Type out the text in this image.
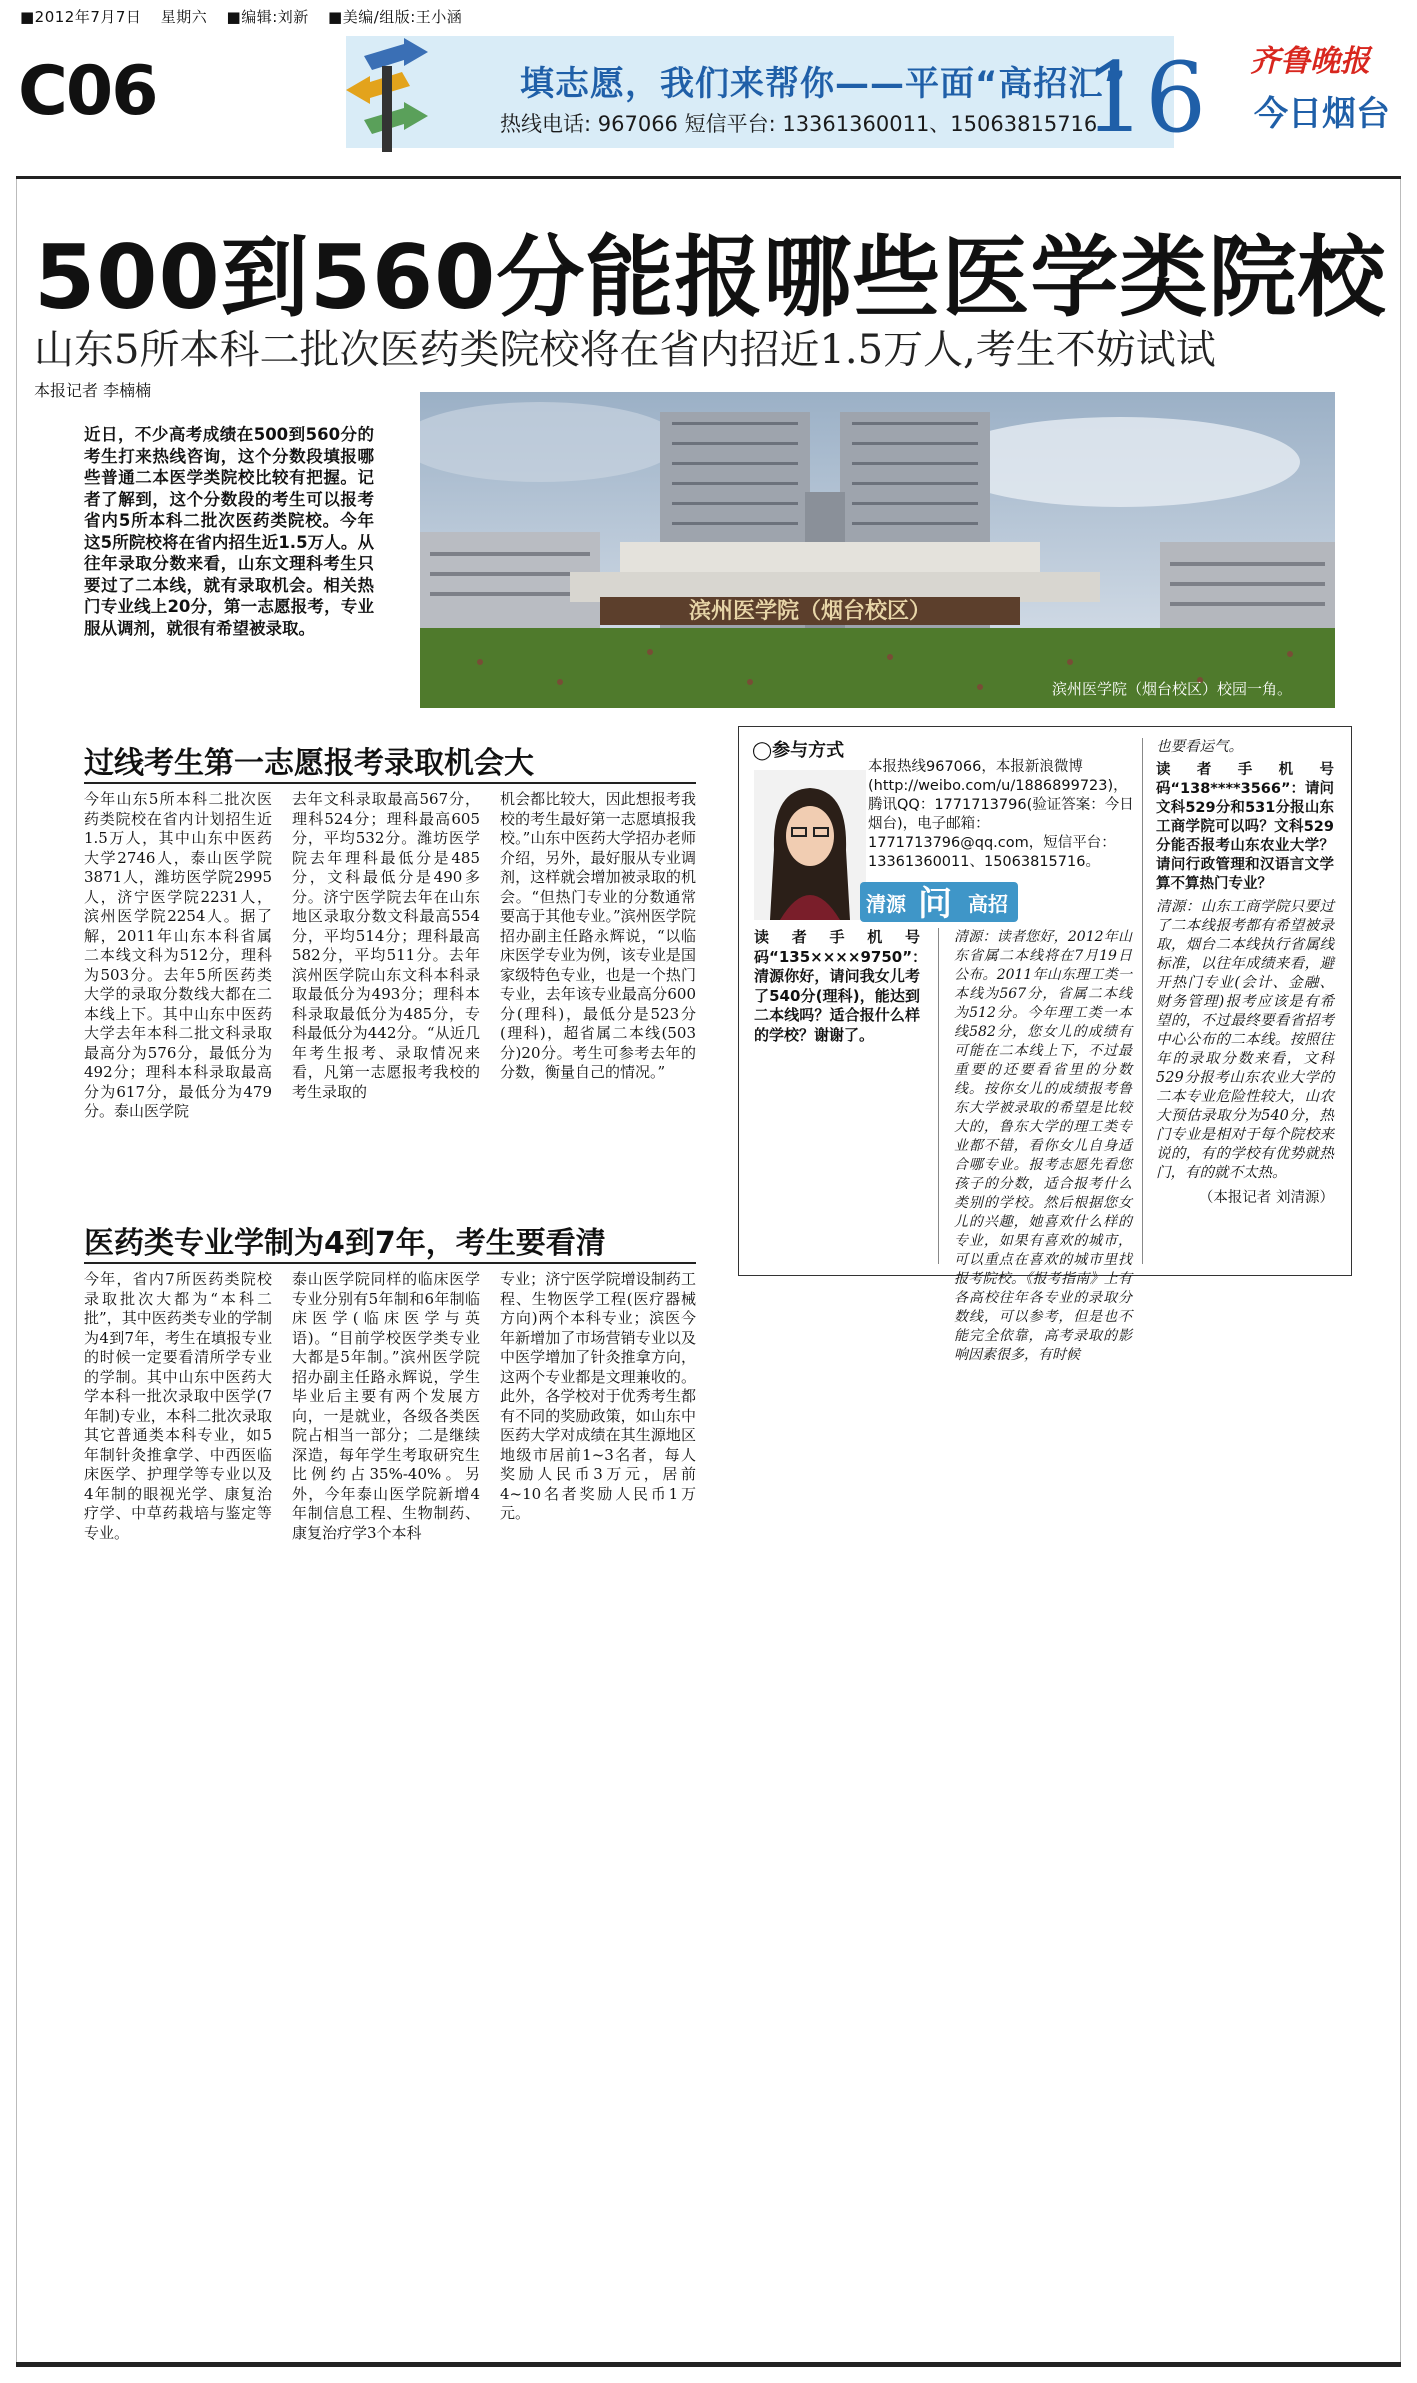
■2012年7月7日 星期六 ■编辑:刘新 ■美编/组版:王小涵
C06	填志愿，我们来帮你——平面“高招汇”
热线电话: 967066 短信平台: 13361360011、15063815716
16 齐鲁晚报
今日烟台
500到560分能报哪些医学类院校
山东5所本科二批次医药类院校将在省内招近1.5万人,考生不妨试试
本报记者 李楠楠
近日，不少高考成绩在500到560分的考生打来热线咨询，这个分数段填报哪些普通二本医学类院校比较有把握。记者了解到，这个分数段的考生可以报考省内5所本科二批次医药类院校。今年这5所院校将在省内招生近1.5万人。从往年录取分数来看，山东文理科考生只要过了二本线，就有录取机会。相关热门专业线上20分，第一志愿报考，专业服从调剂，就很有希望被录取。
滨州医学院（烟台校区）
滨州医学院（烟台校区）校园一角。
过线考生第一志愿报考录取机会大
今年山东5所本科二批次医药类院校在省内计划招生近1.5万人，其中山东中医药大学2746人，泰山医学院3871人，潍坊医学院2995人，济宁医学院2231人，滨州医学院2254人。据了解，2011年山东本科省属二本线文科为512分，理科为503分。去年5所医药类大学的录取分数线大都在二本线上下。其中山东中医药大学去年本科二批文科录取最高分为576分，最低分为492分；理科本科录取最高分为617分，最低分为479分。泰山医学院
去年文科录取最高567分，理科524分；理科最高605分，平均532分。潍坊医学院去年理科最低分是485分，文科最低分是490多分。济宁医学院去年在山东地区录取分数文科最高554分，平均514分；理科最高582分，平均511分。去年滨州医学院山东文科本科录取最低分为493分；理科本科录取最低分为485分，专科最低分为442分。“从近几年考生报考、录取情况来看，凡第一志愿报考我校的考生录取的
机会都比较大，因此想报考我校的考生最好第一志愿填报我校。”山东中医药大学招办老师介绍，另外，最好服从专业调剂，这样就会增加被录取的机会。“但热门专业的分数通常要高于其他专业。”滨州医学院招办副主任路永辉说，“以临床医学专业为例，该专业是国家级特色专业，也是一个热门专业，去年该专业最高分600分(理科)，最低分是523分(理科)，超省属二本线(503分)20分。考生可参考去年的分数，衡量自己的情况。”
医药类专业学制为4到7年，考生要看清
今年，省内7所医药类院校录取批次大都为“本科二批”，其中医药类专业的学制为4到7年，考生在填报专业的时候一定要看清所学专业的学制。其中山东中医药大学本科一批次录取中医学(7年制)专业，本科二批次录取其它普通类本科专业，如5年制针灸推拿学、中西医临床医学、护理学等专业以及4年制的眼视光学、康复治疗学、中草药栽培与鉴定等专业。
泰山医学院同样的临床医学专业分别有5年制和6年制临床医学(临床医学与英语)。“目前学校医学类专业大都是5年制。”滨州医学院招办副主任路永辉说，学生毕业后主要有两个发展方向，一是就业，各级各类医院占相当一部分；二是继续深造，每年学生考取研究生比例约占35%-40%。另外，今年泰山医学院新增4年制信息工程、生物制药、康复治疗学3个本科
专业；济宁医学院增设制药工程、生物医学工程(医疗器械方向)两个本科专业；滨医今年新增加了市场营销专业以及中医学增加了针灸推拿方向，这两个专业都是文理兼收的。此外，各学校对于优秀考生都有不同的奖励政策，如山东中医药大学对成绩在其生源地区地级市居前1~3名者，每人奖励人民币3万元，居前4~10名者奖励人民币1万元。
◯参与方式
本报热线967066，本报新浪微博(http://weibo.com/u/1886899723)，腾讯QQ：1771713796(验证答案：今日烟台)，电子邮箱：1771713796@qq.com，短信平台：13361360011、15063815716。
清源 问 高招
读者手机号码“135××××9750”：清源你好，请问我女儿考了540分(理科)，能达到二本线吗？适合报什么样的学校？谢谢了。
清源：读者您好，2012年山东省属二本线将在7月19日公布。2011年山东理工类一本线为567分，省属二本线为512分。今年理工类一本线582分，您女儿的成绩有可能在二本线上下，不过最重要的还要看省里的分数线。按你女儿的成绩报考鲁东大学被录取的希望是比较大的，鲁东大学的理工类专业都不错，看你女儿自身适合哪专业。报考志愿先看您孩子的分数，适合报考什么类别的学校。然后根据您女儿的兴趣，她喜欢什么样的专业，如果有喜欢的城市，可以重点在喜欢的城市里找报考院校。《报考指南》上有各高校往年各专业的录取分数线，可以参考，但是也不能完全依靠，高考录取的影响因素很多，有时候
也要看运气。
读者手机号码“138****3566”：请问文科529分和531分报山东工商学院可以吗？文科529分能否报考山东农业大学？请问行政管理和汉语言文学算不算热门专业？
清源：山东工商学院只要过了二本线报考都有希望被录取，烟台二本线执行省属线标准，以往年成绩来看，避开热门专业(会计、金融、财务管理)报考应该是有希望的，不过最终要看省招考中心公布的二本线。按照往年的录取分数来看，文科529分报考山东农业大学的二本专业危险性较大，山农大预估录取分为540分，热门专业是相对于每个院校来说的，有的学校有优势就热门，有的就不太热。
（本报记者 刘清源）
